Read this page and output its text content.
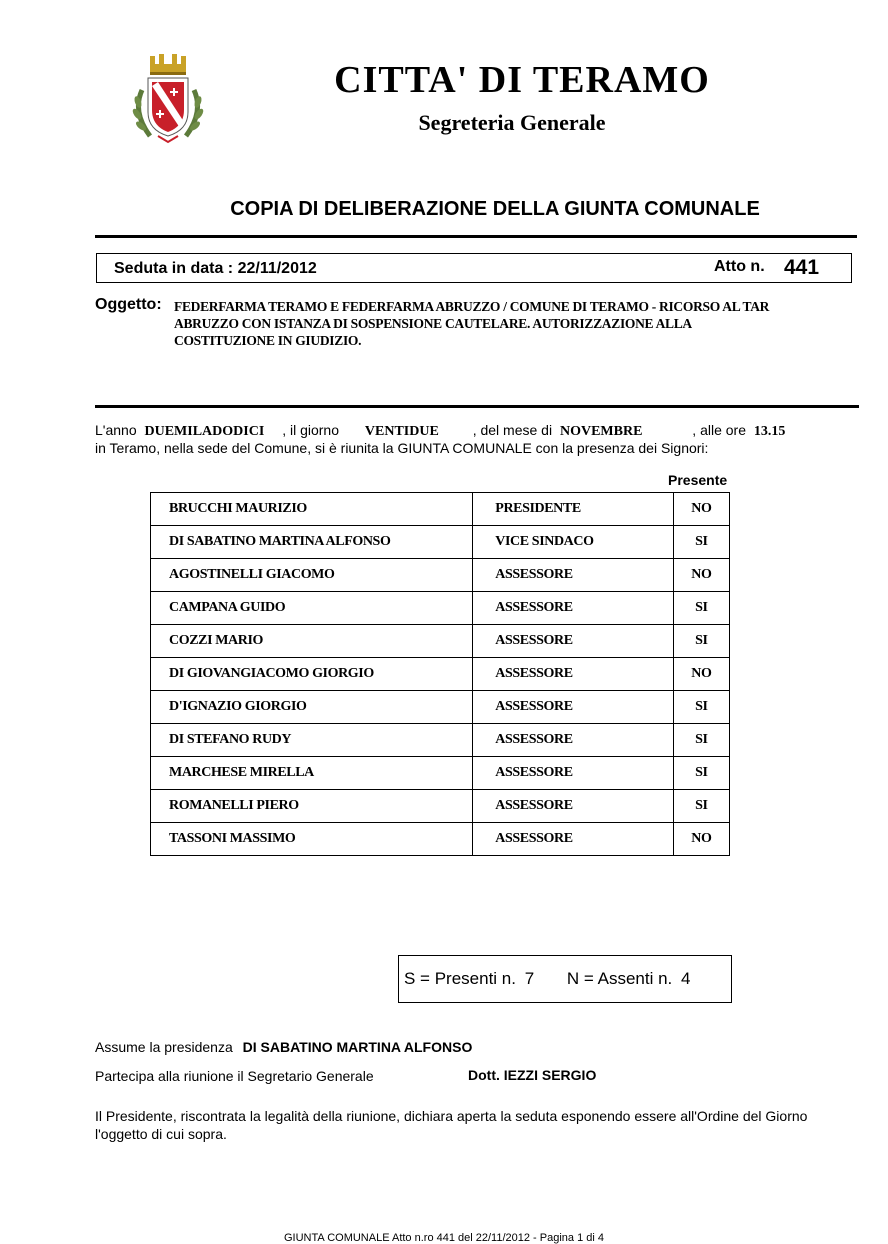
CITTA' DI TERAMO
Segreteria Generale
COPIA DI DELIBERAZIONE DELLA GIUNTA COMUNALE
Seduta in data : 22/11/2012	Atto n. 441
Oggetto: FEDERFARMA TERAMO E FEDERFARMA ABRUZZO / COMUNE DI TERAMO - RICORSO AL TAR ABRUZZO CON ISTANZA DI SOSPENSIONE CAUTELARE. AUTORIZZAZIONE ALLA COSTITUZIONE IN GIUDIZIO.
L'anno DUEMILADODICI , il giorno VENTIDUE , del mese di NOVEMBRE	, alle ore 13.15
in Teramo, nella sede del Comune, si è riunita la GIUNTA COMUNALE con la presenza dei Signori:
Presente
BRUCCHI MAURIZIO	PRESIDENTE	NO
DI SABATINO MARTINA ALFONSO	VICE SINDACO	SI
AGOSTINELLI GIACOMO	ASSESSORE	NO
CAMPANA GUIDO	ASSESSORE	SI
COZZI MARIO	ASSESSORE	SI
DI GIOVANGIACOMO GIORGIO	ASSESSORE	NO
D'IGNAZIO GIORGIO	ASSESSORE	SI
DI STEFANO RUDY	ASSESSORE	SI
MARCHESE MIRELLA	ASSESSORE	SI
ROMANELLI PIERO	ASSESSORE	SI
TASSONI MASSIMO	ASSESSORE	NO
S = Presenti n. 7 N = Assenti n. 4
Assume la presidenza DI SABATINO MARTINA ALFONSO
Partecipa alla riunione il Segretario Generale	Dott. IEZZI SERGIO
Il Presidente, riscontrata la legalità della riunione, dichiara aperta la seduta esponendo essere all'Ordine del Giorno l'oggetto di cui sopra.
GIUNTA COMUNALE Atto n.ro 441 del 22/11/2012 - Pagina 1 di 4
